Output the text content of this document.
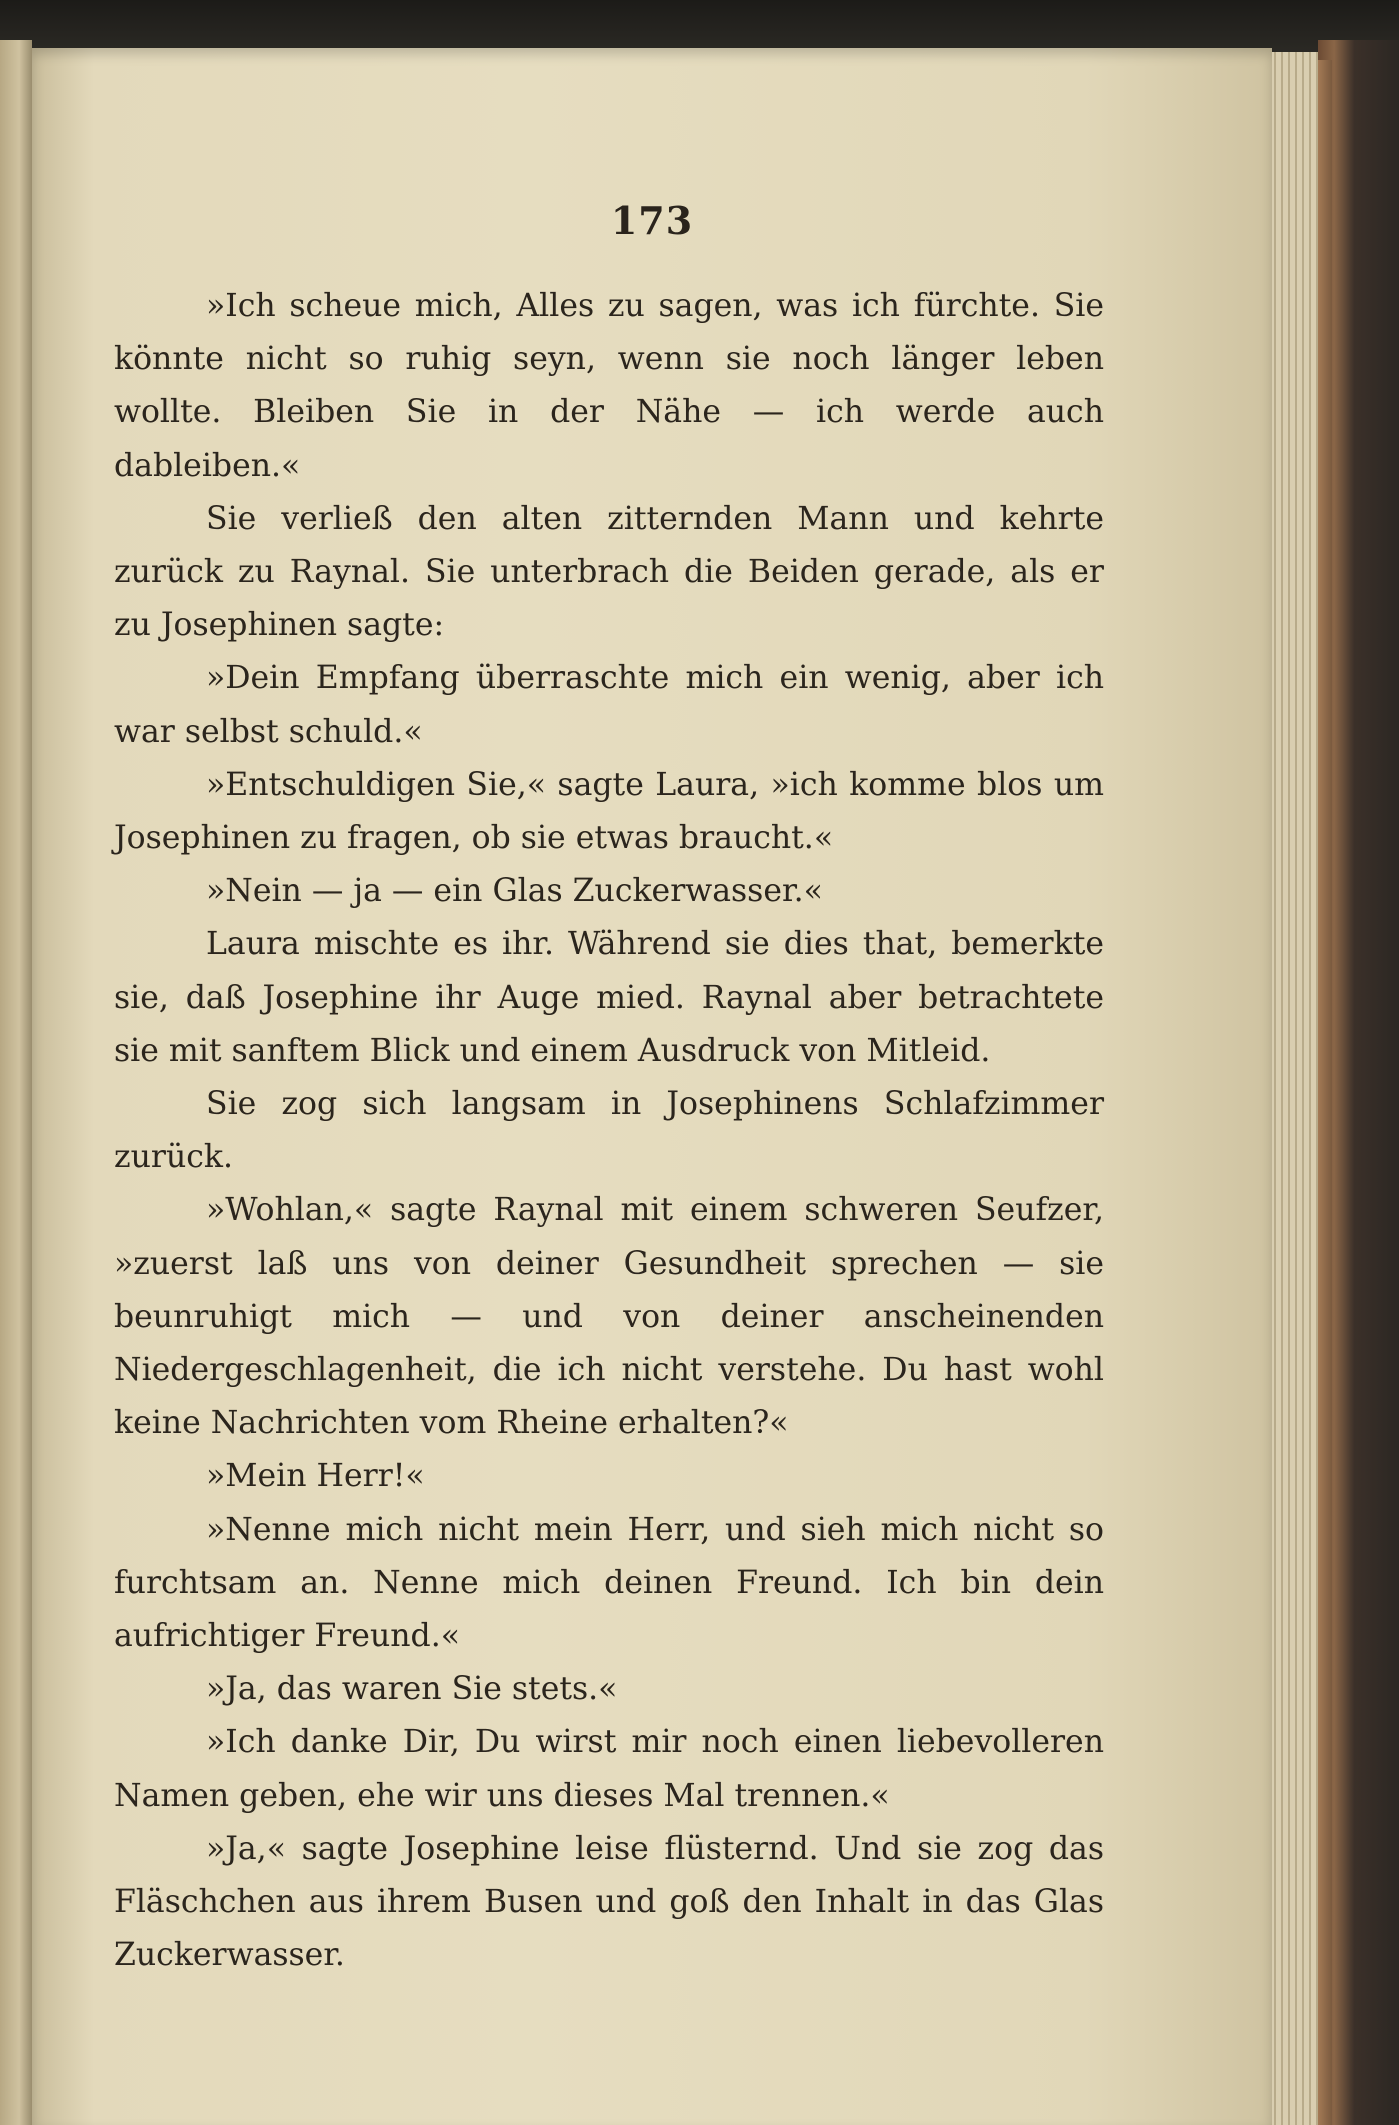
173

»Ich scheue mich, Alles zu sagen, was ich fürchte. Sie könnte nicht so ruhig seyn, wenn sie noch länger leben wollte. Bleiben Sie in der Nähe — ich werde auch dableiben.«

Sie verließ den alten zitternden Mann und kehrte zurück zu Raynal. Sie unterbrach die Beiden gerade, als er zu Josephinen sagte:

»Dein Empfang überraschte mich ein wenig, aber ich war selbst schuld.«

»Entschuldigen Sie,« sagte Laura, »ich komme blos um Josephinen zu fragen, ob sie etwas braucht.«

»Nein — ja — ein Glas Zuckerwasser.«

Laura mischte es ihr. Während sie dies that, bemerkte sie, daß Josephine ihr Auge mied. Raynal aber betrachtete sie mit sanftem Blick und einem Ausdruck von Mitleid.

Sie zog sich langsam in Josephinens Schlafzimmer zurück.

»Wohlan,« sagte Raynal mit einem schweren Seufzer, »zuerst laß uns von deiner Gesundheit sprechen — sie beunruhigt mich — und von deiner anscheinenden Niedergeschlagenheit, die ich nicht verstehe. Du hast wohl keine Nachrichten vom Rheine erhalten?«

»Mein Herr!«

»Nenne mich nicht mein Herr, und sieh mich nicht so furchtsam an. Nenne mich deinen Freund. Ich bin dein aufrichtiger Freund.«

»Ja, das waren Sie stets.«

»Ich danke Dir, Du wirst mir noch einen liebevolleren Namen geben, ehe wir uns dieses Mal trennen.«

»Ja,« sagte Josephine leise flüsternd. Und sie zog das Fläschchen aus ihrem Busen und goß den Inhalt in das Glas Zuckerwasser.
